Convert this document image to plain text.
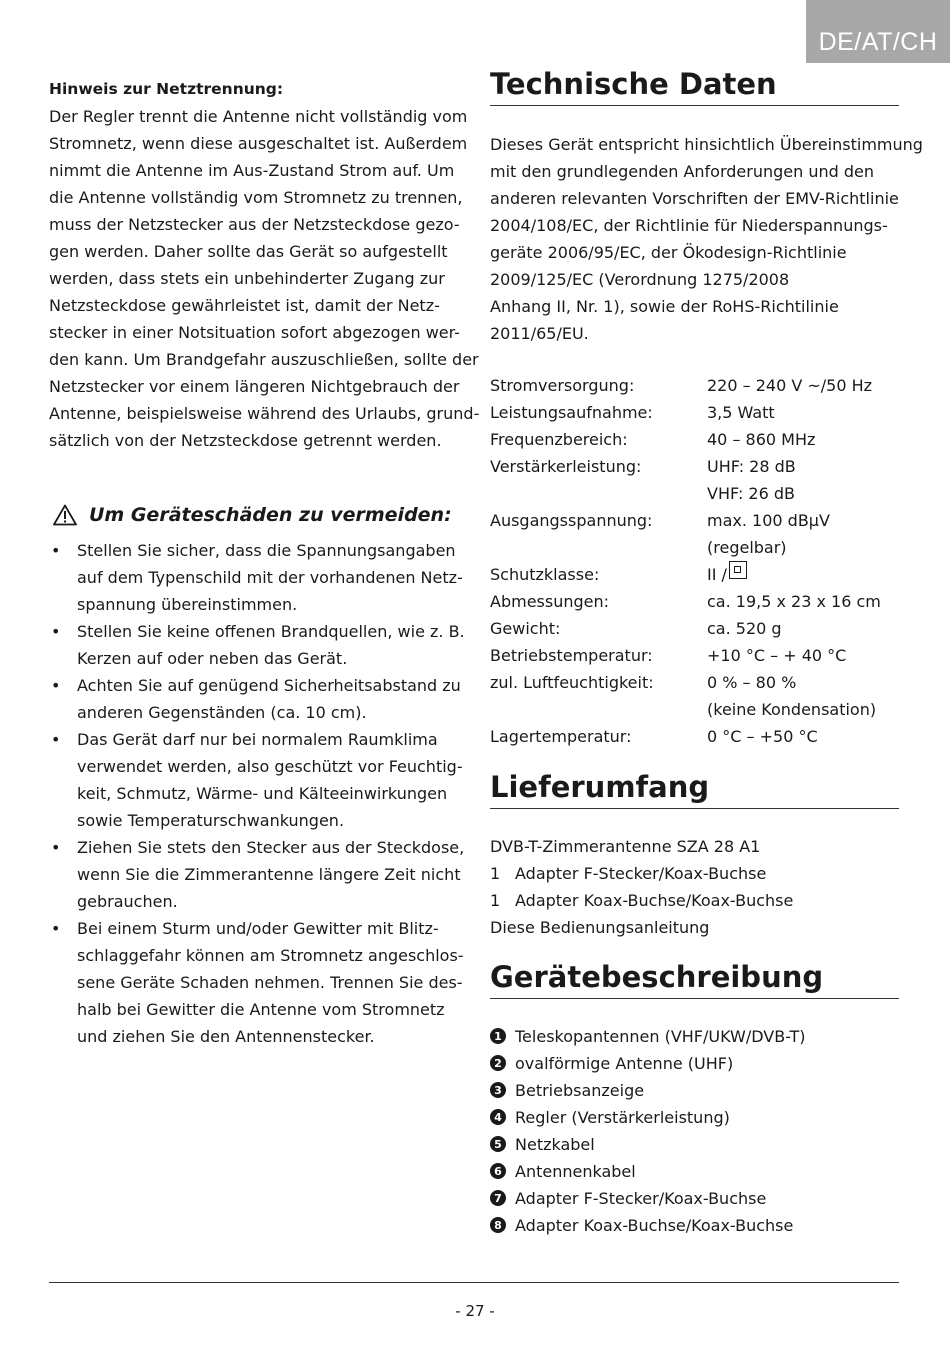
DE/AT/CH

Hinweis zur Netztrennung:

Der Regler trennt die Antenne nicht vollständig vom

Stromnetz, wenn diese ausgeschaltet ist. Außerdem

nimmt die Antenne im Aus-Zustand Strom auf. Um

die Antenne vollständig vom Stromnetz zu trennen,

muss der Netzstecker aus der Netzsteckdose gezo-

gen werden. Daher sollte das Gerät so aufgestellt

werden, dass stets ein unbehinderter Zugang zur

Netzsteckdose gewährleistet ist, damit der Netz-

stecker in einer Notsituation sofort abgezogen wer-

den kann. Um Brandgefahr auszuschließen, sollte der

Netzstecker vor einem längeren Nichtgebrauch der

Antenne, beispielsweise während des Urlaubs, grund-

sätzlich von der Netzsteckdose getrennt werden.

Um Geräteschäden zu vermeiden:
•	Stellen Sie sicher, dass die Spannungsangaben
auf dem Typenschild mit der vorhandenen Netz-
spannung übereinstimmen.
•	Stellen Sie keine offenen Brandquellen, wie z. B.
Kerzen auf oder neben das Gerät.
•	Achten Sie auf genügend Sicherheitsabstand zu
anderen Gegenständen (ca. 10 cm).
•	Das Gerät darf nur bei normalem Raumklima
verwendet werden, also geschützt vor Feuchtig-
keit, Schmutz, Wärme- und Kälteeinwirkungen
sowie Temperaturschwankungen.
•	Ziehen Sie stets den Stecker aus der Steckdose,
wenn Sie die Zimmerantenne längere Zeit nicht
gebrauchen.
•	Bei einem Sturm und/oder Gewitter mit Blitz-
schlaggefahr können am Stromnetz angeschlos-
sene Geräte Schaden nehmen. Trennen Sie des-
halb bei Gewitter die Antenne vom Stromnetz
und ziehen Sie den Antennenstecker.
Technische Daten

Dieses Gerät entspricht hinsichtlich Übereinstimmung

mit den grundlegenden Anforderungen und den

anderen relevanten Vorschriften der EMV-Richtlinie

2004/108/EC, der Richtlinie für Niederspannungs-

geräte 2006/95/EC, der Ökodesign-Richtlinie

2009/125/EC (Verordnung 1275/2008

Anhang II, Nr. 1), sowie der RoHS-Richtilinie

2011/65/EU.

Stromversorgung:	220 – 240 V ~/50 Hz
Leistungsaufnahme:	3,5 Watt
Frequenzbereich:	40 – 860 MHz
Verstärkerleistung:	UHF: 28 dB
VHF: 26 dB
Ausgangsspannung:	max. 100 dBμV
(regelbar)
Schutzklasse:	II /
Abmessungen:	ca. 19,5 x 23 x 16 cm
Gewicht:	ca. 520 g
Betriebstemperatur:	+10 °C – + 40 °C
zul. Luftfeuchtigkeit:	0 % – 80 %
(keine Kondensation)
Lagertemperatur:	0 °C – +50 °C
Lieferumfang
DVB-T-Zimmerantenne SZA 28 A1
1 Adapter F-Stecker/Koax-Buchse
1 Adapter Koax-Buchse/Koax-Buchse
Diese Bedienungsanleitung
Gerätebeschreibung
1 Teleskopantennen (VHF/UKW/DVB-T)
2 ovalförmige Antenne (UHF)
3 Betriebsanzeige
4 Regler (Verstärkerleistung)
5 Netzkabel
6 Antennenkabel
7 Adapter F-Stecker/Koax-Buchse
8 Adapter Koax-Buchse/Koax-Buchse
- 27 -
